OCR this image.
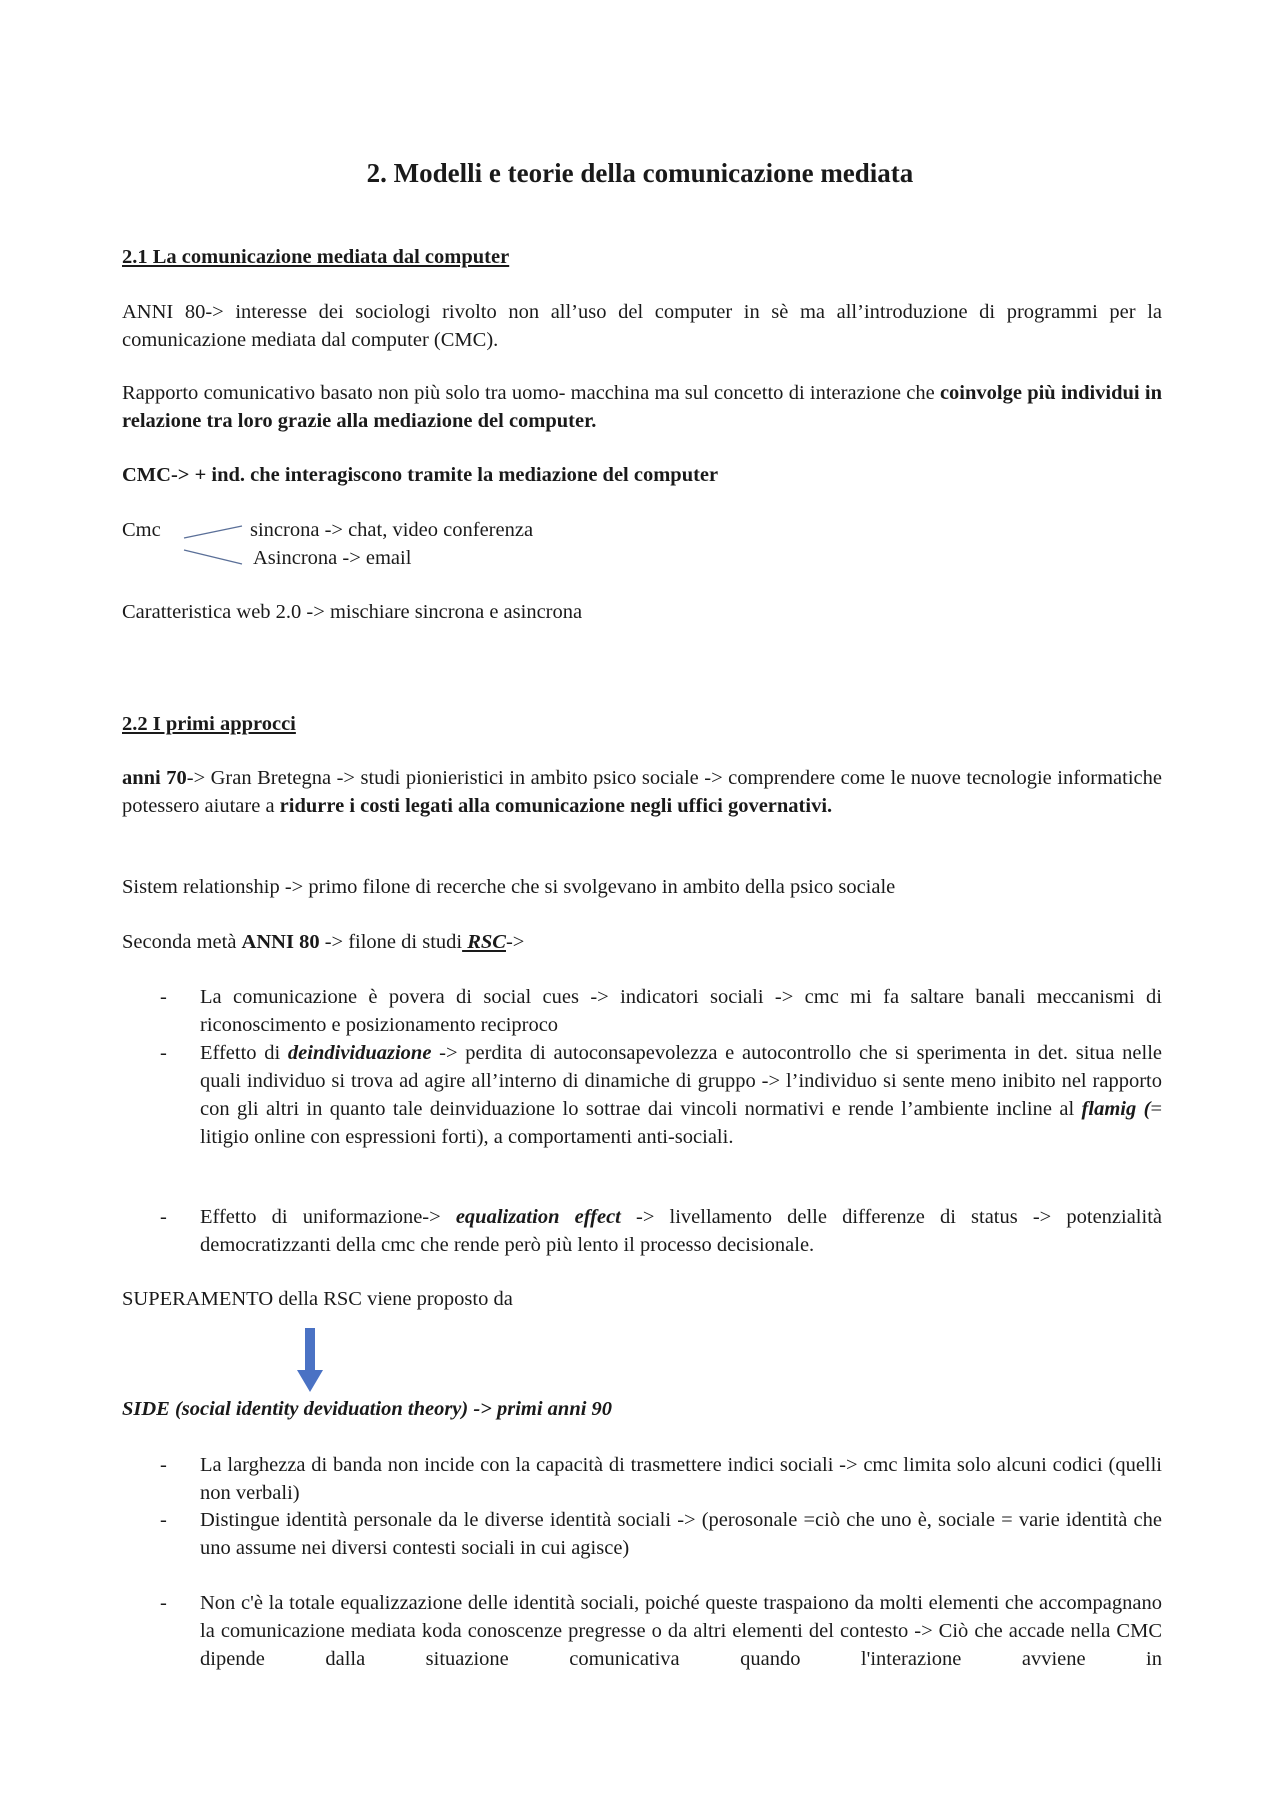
2. Modelli e teorie della comunicazione mediata
2.1 La comunicazione mediata dal computer
ANNI 80-> interesse dei sociologi rivolto non all’uso del computer in sè ma all’introduzione di programmi per la comunicazione mediata dal computer (CMC).
Rapporto comunicativo basato non più solo tra uomo- macchina ma sul concetto di interazione che coinvolge più individui in relazione tra loro grazie alla mediazione del computer.
CMC-> + ind. che interagiscono tramite la mediazione del computer
Cmc	sincrona -> chat, video conferenza
Asincrona -> email
Caratteristica web 2.0 -> mischiare sincrona e asincrona
2.2 I primi approcci
anni 70-> Gran Bretegna -> studi pionieristici in ambito psico sociale -> comprendere come le nuove tecnologie informatiche potessero aiutare a ridurre i costi legati alla comunicazione negli uffici governativi.
Sistem relationship -> primo filone di recerche che si svolgevano in ambito della psico sociale
Seconda metà ANNI 80 -> filone di studi RSC->
- La comunicazione è povera di social cues -> indicatori sociali -> cmc mi fa saltare banali meccanismi di riconoscimento e posizionamento reciproco
- Effetto di deindividuazione -> perdita di autoconsapevolezza e autocontrollo che si sperimenta in det. situa nelle quali individuo si trova ad agire all’interno di dinamiche di gruppo -> l’individuo si sente meno inibito nel rapporto con gli altri in quanto tale deinviduazione lo sottrae dai vincoli normativi e rende l’ambiente incline al flamig (= litigio online con espressioni forti), a comportamenti anti-sociali.
- Effetto di uniformazione-> equalization effect -> livellamento delle differenze di status -> potenzialità democratizzanti della cmc che rende però più lento il processo decisionale.
SUPERAMENTO della RSC viene proposto da
SIDE (social identity deviduation theory) -> primi anni 90
- La larghezza di banda non incide con la capacità di trasmettere indici sociali -> cmc limita solo alcuni codici (quelli non verbali)
- Distingue identità personale da le diverse identità sociali -> (perosonale =ciò che uno è, sociale = varie identità che uno assume nei diversi contesti sociali in cui agisce)
- Non c'è la totale equalizzazione delle identità sociali, poiché queste traspaiono da molti elementi che accompagnano la comunicazione mediata koda conoscenze pregresse o da altri elementi del contesto -> Ciò che accade nella CMC dipende dalla situazione comunicativa quando l'interazione avviene in
